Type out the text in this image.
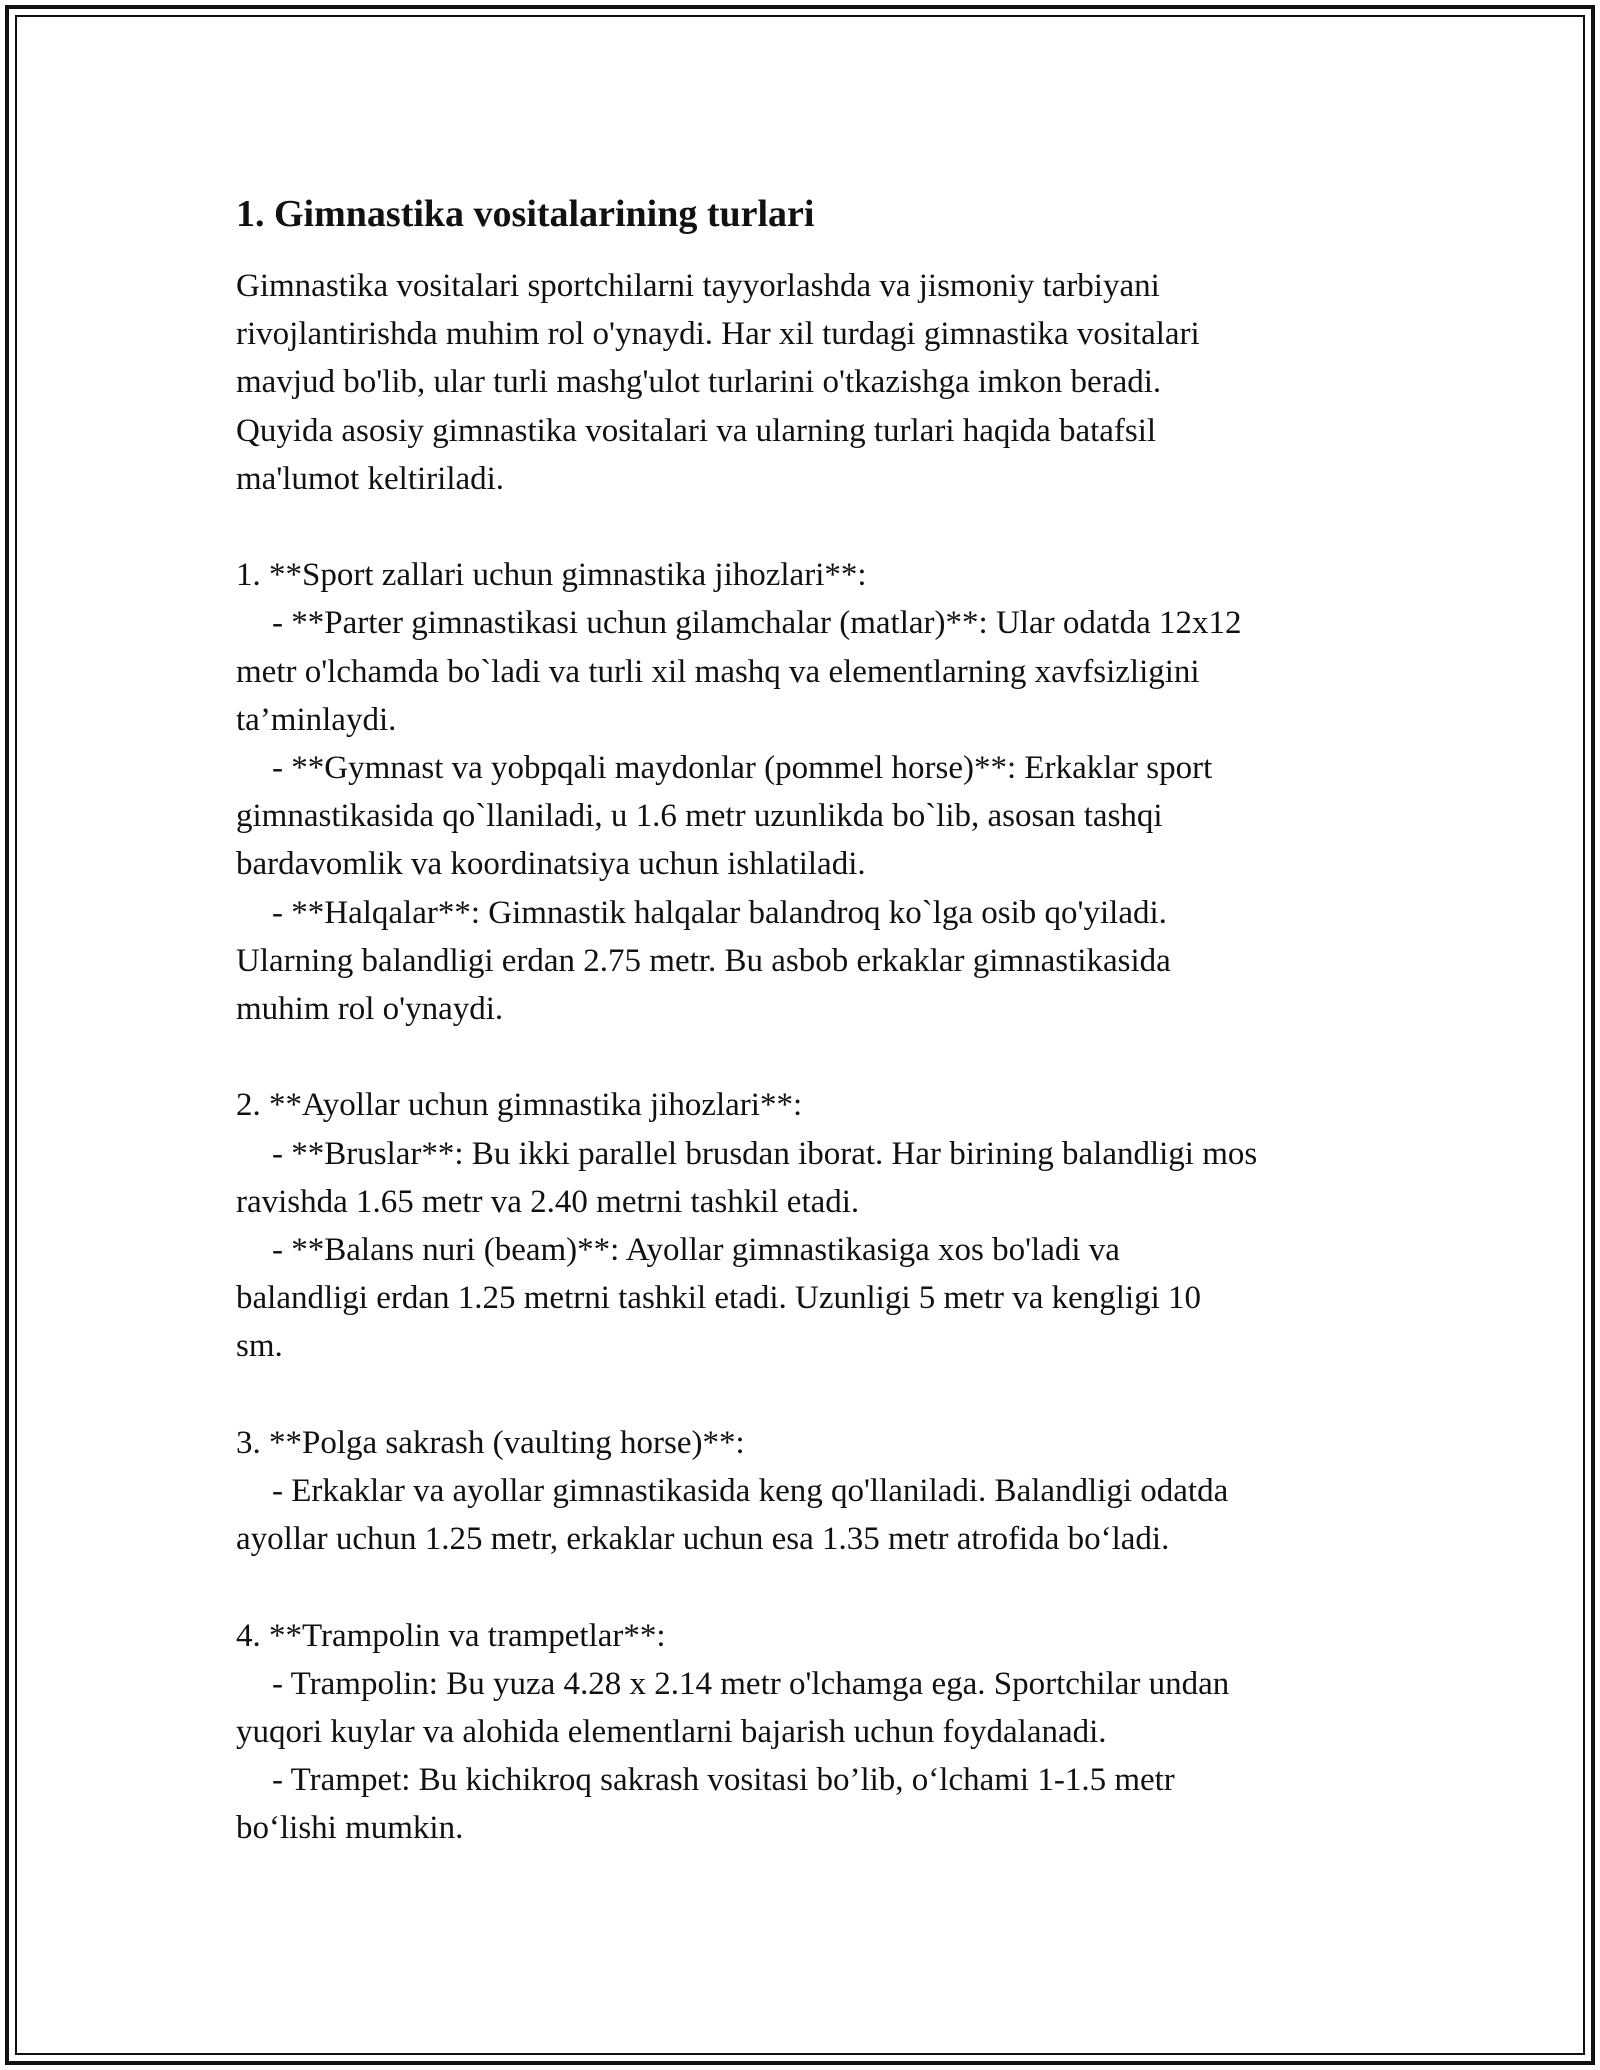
1. Gimnastika vositalarining turlari
Gimnastika vositalari sportchilarni tayyorlashda va jismoniy tarbiyani
rivojlantirishda muhim rol o'ynaydi. Har xil turdagi gimnastika vositalari
mavjud bo'lib, ular turli mashg'ulot turlarini o'tkazishga imkon beradi.
Quyida asosiy gimnastika vositalari va ularning turlari haqida batafsil
ma'lumot keltiriladi.
1. **Sport zallari uchun gimnastika jihozlari**:
- **Parter gimnastikasi uchun gilamchalar (matlar)**: Ular odatda 12x12
metr o'lchamda bo`ladi va turli xil mashq va elementlarning xavfsizligini
ta’minlaydi.
- **Gymnast va yobpqali maydonlar (pommel horse)**: Erkaklar sport
gimnastikasida qo`llaniladi, u 1.6 metr uzunlikda bo`lib, asosan tashqi
bardavomlik va koordinatsiya uchun ishlatiladi.
- **Halqalar**: Gimnastik halqalar balandroq ko`lga osib qo'yiladi.
Ularning balandligi erdan 2.75 metr. Bu asbob erkaklar gimnastikasida
muhim rol o'ynaydi.
2. **Ayollar uchun gimnastika jihozlari**:
- **Bruslar**: Bu ikki parallel brusdan iborat. Har birining balandligi mos
ravishda 1.65 metr va 2.40 metrni tashkil etadi.
- **Balans nuri (beam)**: Ayollar gimnastikasiga xos bo'ladi va
balandligi erdan 1.25 metrni tashkil etadi. Uzunligi 5 metr va kengligi 10
sm.
3. **Polga sakrash (vaulting horse)**:
- Erkaklar va ayollar gimnastikasida keng qo'llaniladi. Balandligi odatda
ayollar uchun 1.25 metr, erkaklar uchun esa 1.35 metr atrofida bo‘ladi.
4. **Trampolin va trampetlar**:
- Trampolin: Bu yuza 4.28 x 2.14 metr o'lchamga ega. Sportchilar undan
yuqori kuylar va alohida elementlarni bajarish uchun foydalanadi.
- Trampet: Bu kichikroq sakrash vositasi bo’lib, o‘lchami 1-1.5 metr
bo‘lishi mumkin.
